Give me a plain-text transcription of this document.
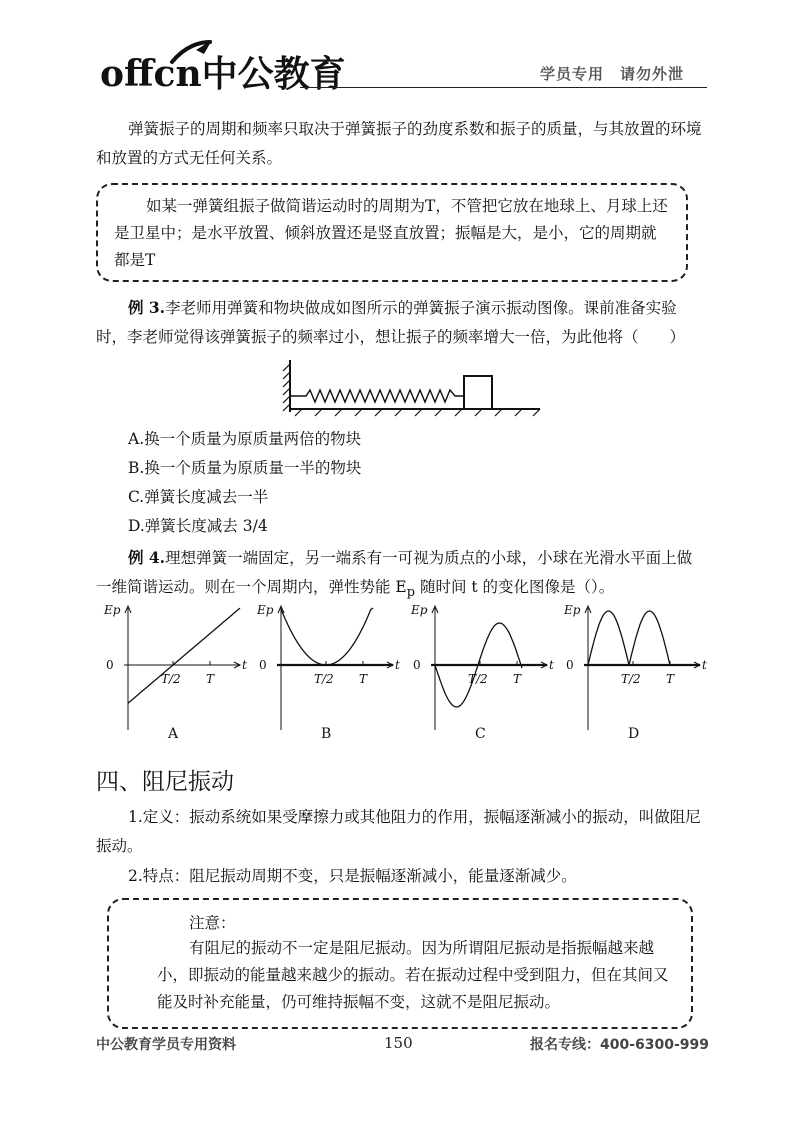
offcn中公教育	学员专用　请勿外泄
弹簧振子的周期和频率只取决于弹簧振子的劲度系数和振子的质量，与其放置的环境和放置的方式无任何关系。
如某一弹簧组振子做简谐运动时的周期为T，不管把它放在地球上、月球上还是卫星中；是水平放置、倾斜放置还是竖直放置；振幅是大，是小，它的周期就都是T
例 3.李老师用弹簧和物块做成如图所示的弹簧振子演示振动图像。课前准备实验时，李老师觉得该弹簧振子的频率过小，想让振子的频率增大一倍，为此他将（　　）
A.换一个质量为原质量两倍的物块
B.换一个质量为原质量一半的物块
C.弹簧长度减去一半
D.弹簧长度减去 3/4
例 4.理想弹簧一端固定，另一端系有一可视为质点的小球，小球在光滑水平面上做一维简谐运动。则在一个周期内，弹性势能 $E_p$ 随时间 t 的变化图像是（）。
Ep
t
0
T/2 T
A
Ep
t
0
T/2 T
B
Ep
t
0
T/2 T
C
Ep
t
0
T/2 T
D
四、阻尼振动
1.定义：振动系统如果受摩擦力或其他阻力的作用，振幅逐渐减小的振动，叫做阻尼振动。
2.特点：阻尼振动周期不变，只是振幅逐渐减小，能量逐渐减少。
注意：
有阻尼的振动不一定是阻尼振动。因为所谓阻尼振动是指振幅越来越小，即振动的能量越来越少的振动。若在振动过程中受到阻力，但在其间又能及时补充能量，仍可维持振幅不变，这就不是阻尼振动。
中公教育学员专用资料	150	报名专线：400-6300-999
